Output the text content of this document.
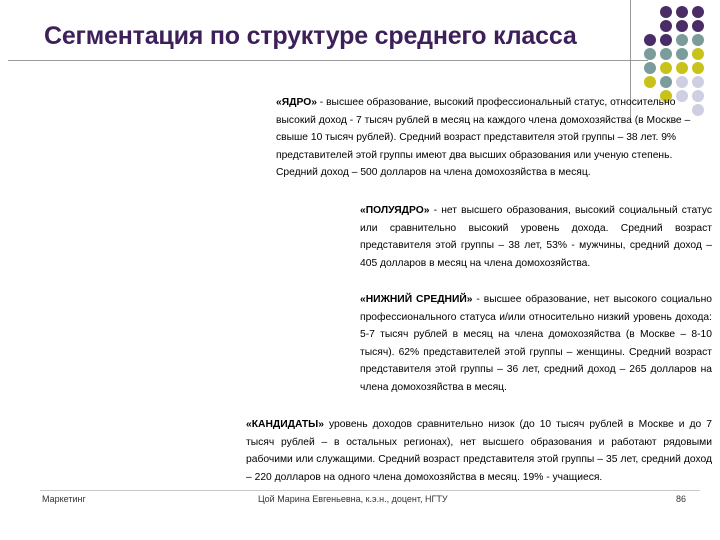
Сегментация по структуре среднего класса
«ЯДРО» - высшее образование, высокий профессиональный статус, относительно высокий доход - 7 тысяч рублей в месяц на каждого члена домохозяйства (в Москве – свыше 10 тысяч рублей). Средний возраст представителя этой группы – 38 лет. 9% представителей этой группы имеют два высших образования или ученую степень. Средний доход – 500 долларов на члена домохозяйства в месяц.
«ПОЛУЯДРО» - нет высшего образования, высокий социальный статус или сравнительно высокий уровень дохода. Средний возраст представителя этой группы – 38 лет, 53% - мужчины, средний доход – 405 долларов в месяц на члена домохозяйства.
«НИЖНИЙ СРЕДНИЙ» - высшее образование, нет высокого социально профессионального статуса и/или относительно низкий уровень дохода: 5-7 тысяч рублей в месяц на члена домохозяйства (в Москве – 8-10 тысяч). 62% представителей этой группы – женщины. Средний возраст представителя этой группы – 36 лет, средний доход – 265 долларов на члена домохозяйства в месяц.
«КАНДИДАТЫ» уровень доходов сравнительно низок (до 10 тысяч рублей в Москве и до 7 тысяч рублей – в остальных регионах), нет высшего образования и работают рядовыми рабочими или служащими. Средний возраст представителя этой группы – 35 лет, средний доход – 220 долларов на одного члена домохозяйства в месяц. 19% - учащиеся.
Маркетинг	Цой Марина Евгеньевна, к.э.н., доцент, НГТУ	86
